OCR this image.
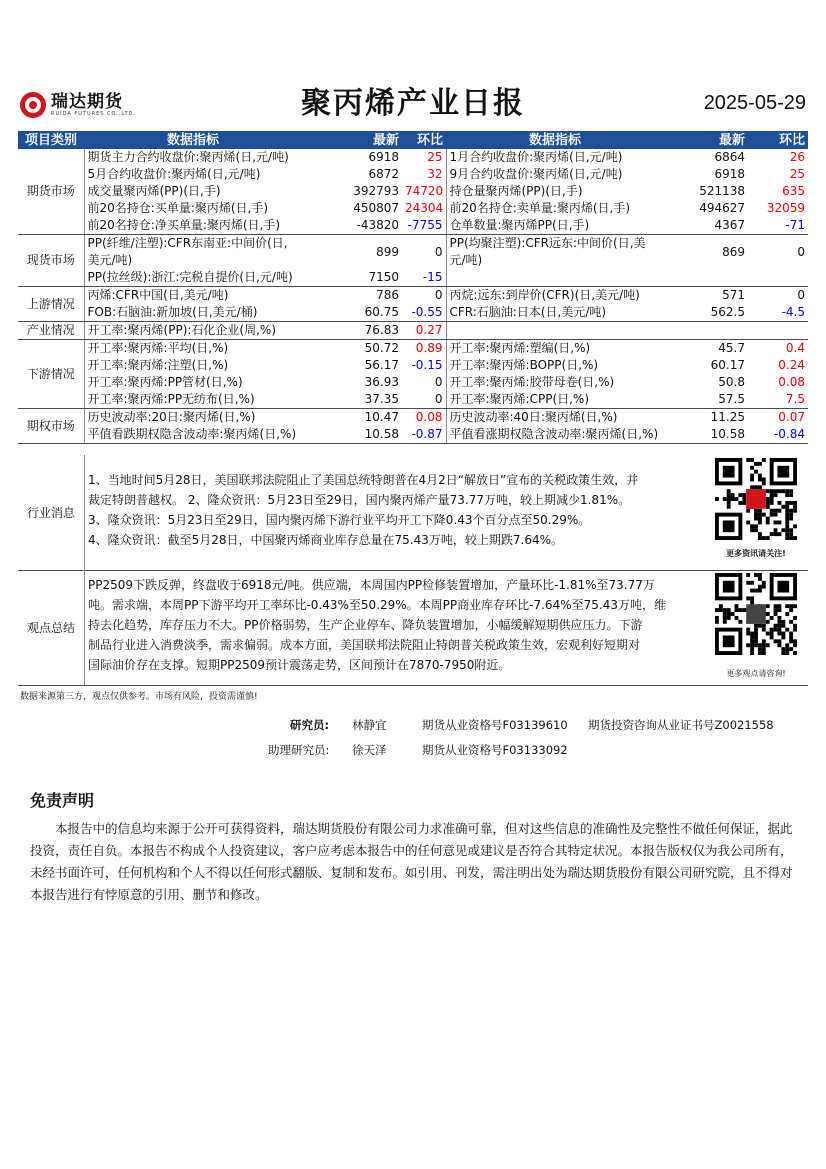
瑞达期货
RUIDA FUTURES CO.,LTD.	聚丙烯产业日报	2025-05-29
项目类别	数据指标	最新	环比	数据指标	最新	环比
期货市场	期货主力合约收盘价:聚丙烯(日,元/吨)	6918	25	1月合约收盘价:聚丙烯(日,元/吨)	6864	26
	5月合约收盘价:聚丙烯(日,元/吨)	6872	32	9月合约收盘价:聚丙烯(日,元/吨)	6918	25
	成交量聚丙烯(PP)(日,手)	392793	74720	持仓量聚丙烯(PP)(日,手)	521138	635
	前20名持仓:买单量:聚丙烯(日,手)	450807	24304	前20名持仓:卖单量:聚丙烯(日,手)	494627	32059
	前20名持仓:净买单量:聚丙烯(日,手)	-43820	-7755	仓单数量:聚丙烯PP(日,手)	4367	-71
现货市场	PP(纤维/注塑):CFR东南亚:中间价(日,美元/吨)	899	0	PP(均聚注塑):CFR远东:中间价(日,美元/吨)	869	0
	PP(拉丝级):浙江:完税自提价(日,元/吨)	7150	-15			
上游情况	丙烯:CFR中国(日,美元/吨)	786	0	丙烷:远东:到岸价(CFR)(日,美元/吨)	571	0
	FOB:石脑油:新加坡(日,美元/桶)	60.75	-0.55	CFR:石脑油:日本(日,美元/吨)	562.5	-4.5
产业情况	开工率:聚丙烯(PP):石化企业(周,%)	76.83	0.27			
下游情况	开工率:聚丙烯:平均(日,%)	50.72	0.89	开工率:聚丙烯:塑编(日,%)	45.7	0.4
	开工率:聚丙烯:注塑(日,%)	56.17	-0.15	开工率:聚丙烯:BOPP(日,%)	60.17	0.24
	开工率:聚丙烯:PP管材(日,%)	36.93	0	开工率:聚丙烯:胶带母卷(日,%)	50.8	0.08
	开工率:聚丙烯:PP无纺布(日,%)	37.35	0	开工率:聚丙烯:CPP(日,%)	57.5	7.5
期权市场	历史波动率:20日:聚丙烯(日,%)	10.47	0.08	历史波动率:40日:聚丙烯(日,%)	11.25	0.07
	平值看跌期权隐含波动率:聚丙烯(日,%)	10.58	-0.87	平值看涨期权隐含波动率:聚丙烯(日,%)	10.58	-0.84
行业消息
1、当地时间5月28日，美国联邦法院阻止了美国总统特朗普在4月2日“解放日”宣布的关税政策生效，并
裁定特朗普越权。 2、隆众资讯：5月23日至29日，国内聚丙烯产量73.77万吨，较上期减少1.81%。
3、隆众资讯：5月23日至29日，国内聚丙烯下游行业平均开工下降0.43个百分点至50.29%。
4、隆众资讯：截至5月28日，中国聚丙烯商业库存总量在75.43万吨，较上期跌7.64%。
更多资讯请关注!
观点总结
PP2509下跌反弹，终盘收于6918元/吨。供应端，本周国内PP检修装置增加，产量环比-1.81%至73.77万
吨。需求端，本周PP下游平均开工率环比-0.43%至50.29%。本周PP商业库存环比-7.64%至75.43万吨，维
持去化趋势，库存压力不大。PP价格弱势，生产企业停车、降负装置增加，小幅缓解短期供应压力。下游
制品行业进入消费淡季，需求偏弱。成本方面，美国联邦法院阻止特朗普关税政策生效，宏观利好短期对
国际油价存在支撑。短期PP2509预计震荡走势，区间预计在7870-7950附近。
更多观点请咨询!
数据来源第三方，观点仅供参考。市场有风险，投资需谨慎!
研究员: 林静宜	期货从业资格号F03139610 期货投资咨询从业证书号Z0021558
助理研究员: 徐天泽	期货从业资格号F03133092
免责声明
本报告中的信息均来源于公开可获得资料，瑞达期货股份有限公司力求准确可靠，但对这些信息的准确性及完整性不做任何保证，据此投资，责任自负。本报告不构成个人投资建议，客户应考虑本报告中的任何意见或建议是否符合其特定状况。本报告版权仅为我公司所有，未经书面许可，任何机构和个人不得以任何形式翻版、复制和发布。如引用、刊发，需注明出处为瑞达期货股份有限公司研究院，且不得对本报告进行有悖原意的引用、删节和修改。
